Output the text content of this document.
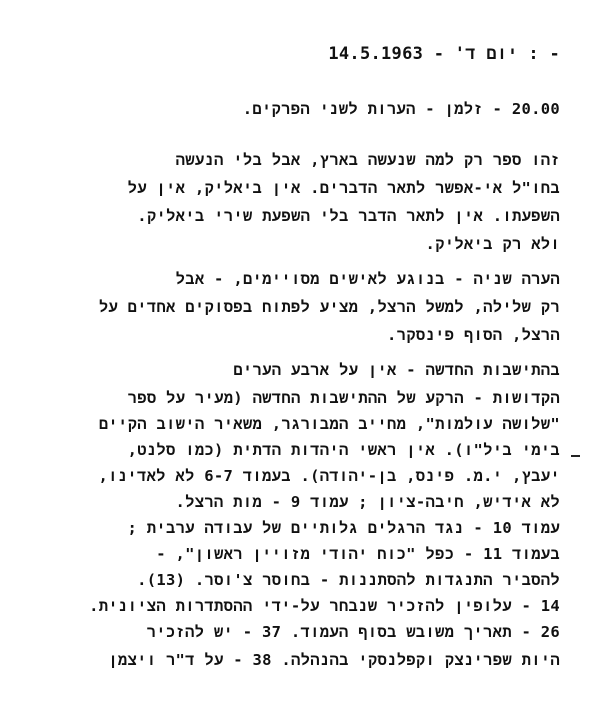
- : יום ד' - 14.5.1963
20.00 - זלמן - הערות לשני הפרקים.
זהו ספר רק למה שנעשה בארץ, אבל בלי הנעשה
בחו"ל אי-אפשר לתאר הדברים. אין ביאליק, אין על
השפעתו. אין לתאר הדבר בלי השפעת שירי ביאליק.
ולא רק ביאליק.
הערה שניה - בנוגע לאישים מסויימים, - אבל
רק שלילה, למשל הרצל, מציע לפתוח בפסוקים אחדים על
הרצל, הסוף פינסקר.
בהתישבות החדשה - אין על ארבע הערים
הקדושות - הרקע של ההתישבות החדשה (מעיר על ספר
"שלושה עולמות", מחייב המבורגר, משאיר הישוב הקיים
בימי ביל"ו). אין ראשי היהדות הדתית (כמו סלנט,
יעבץ, י.מ. פינס, בן-יהודה). בעמוד 6-7 לא לאדינו,
לא אידיש, חיבה-ציון ; עמוד 9 - מות הרצל.
עמוד 10 - נגד הרגלים גלותיים של עבודה ערבית ;
בעמוד 11 - כפל "כוח יהודי מזויין ראשון", -
להסביר התנגדות להסתננות - בחוסר צ'וסר. (13).
14 - עלופין להזכיר שנבחר על-ידי ההסתדרות הציונית.
26 - תאריך משובש בסוף העמוד. 37 - יש להזכיר
היות שפרינצק וקפלנסקי בהנהלה. 38 - על ד"ר ויצמן
